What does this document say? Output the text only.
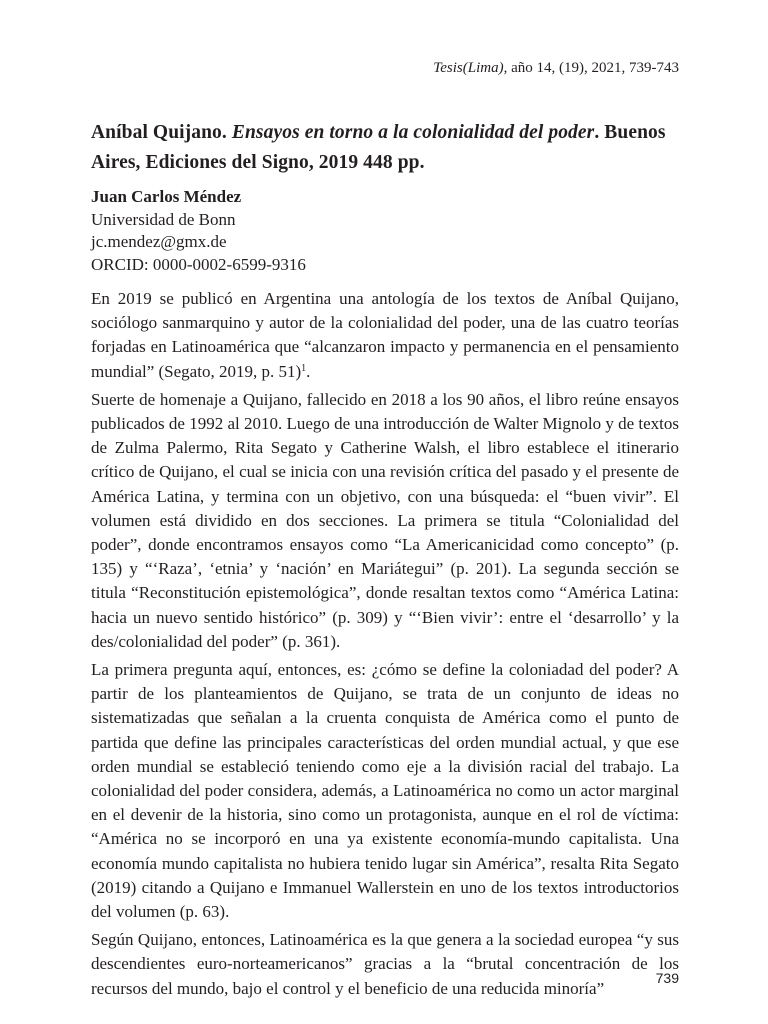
Tesis(Lima), año 14, (19), 2021, 739-743
Aníbal Quijano. Ensayos en torno a la colonialidad del poder. Buenos Aires, Ediciones del Signo, 2019 448 pp.
Juan Carlos Méndez
Universidad de Bonn
jc.mendez@gmx.de
ORCID: 0000-0002-6599-9316

En 2019 se publicó en Argentina una antología de los textos de Aníbal Quijano, sociólogo sanmarquino y autor de la colonialidad del poder, una de las cuatro teorías forjadas en Latinoamérica que “alcanzaron impacto y permanencia en el pensamiento mundial” (Segato, 2019, p. 51)$^1$.

Suerte de homenaje a Quijano, fallecido en 2018 a los 90 años, el libro reúne ensayos publicados de 1992 al 2010. Luego de una introducción de Walter Mignolo y de textos de Zulma Palermo, Rita Segato y Catherine Walsh, el libro establece el itinerario crítico de Quijano, el cual se inicia con una revisión crítica del pasado y el presente de América Latina, y termina con un objetivo, con una búsqueda: el “buen vivir”. El volumen está dividido en dos secciones. La primera se titula “Colonialidad del poder”, donde encontramos ensayos como “La Americanicidad como concepto” (p. 135) y “‘Raza’, ‘etnia’ y ‘nación’ en Mariátegui” (p. 201). La segunda sección se titula “Reconstitución epistemológica”, donde resaltan textos como “América Latina: hacia un nuevo sentido histórico” (p. 309) y “‘Bien vivir’: entre el ‘desarrollo’ y la des/colonialidad del poder” (p. 361).

La primera pregunta aquí, entonces, es: ¿cómo se define la coloniadad del poder? A partir de los planteamientos de Quijano, se trata de un conjunto de ideas no sistematizadas que señalan a la cruenta conquista de América como el punto de partida que define las principales características del orden mundial actual, y que ese orden mundial se estableció teniendo como eje a la división racial del trabajo. La colonialidad del poder considera, además, a Latinoamérica no como un actor marginal en el devenir de la historia, sino como un protagonista, aunque en el rol de víctima: “América no se incorporó en una ya existente economía-mundo capitalista. Una economía mundo capitalista no hubiera tenido lugar sin América”, resalta Rita Segato (2019) citando a Quijano e Immanuel Wallerstein en uno de los textos introductorios del volumen (p. 63).

Según Quijano, entonces, Latinoamérica es la que genera a la sociedad europea “y sus descendientes euro-norteamericanos” gracias a la “brutal concentración de los recursos del mundo, bajo el control y el beneficio de una reducida minoría”

739
